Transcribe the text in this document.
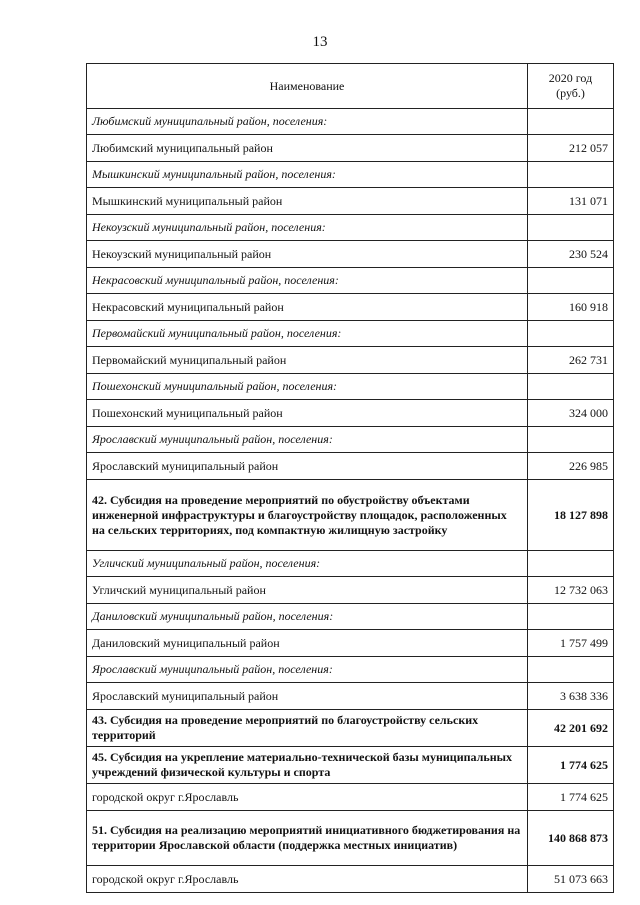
13
Наименование	2020 год
(руб.)
Любимский муниципальный район, поселения:	
Любимский муниципальный район	212 057
Мышкинский муниципальный район, поселения:	
Мышкинский муниципальный район	131 071
Некоузский муниципальный район, поселения:	
Некоузский муниципальный район	230 524
Некрасовский муниципальный район, поселения:	
Некрасовский муниципальный район	160 918
Первомайский муниципальный район, поселения:	
Первомайский муниципальный район	262 731
Пошехонский муниципальный район, поселения:	
Пошехонский муниципальный район	324 000
Ярославский муниципальный район, поселения:	
Ярославский муниципальный район	226 985
42. Субсидия на проведение мероприятий по обустройству объектами инженерной инфраструктуры и благоустройству площадок, расположенных на сельских территориях, под компактную жилищную застройку	18 127 898
Угличский муниципальный район, поселения:	
Угличский муниципальный район	12 732 063
Даниловский муниципальный район, поселения:	
Даниловский муниципальный район	1 757 499
Ярославский муниципальный район, поселения:	
Ярославский муниципальный район	3 638 336
43. Субсидия на проведение мероприятий по благоустройству сельских территорий	42 201 692
45. Субсидия на укрепление материально-технической базы муниципальных учреждений физической культуры и спорта	1 774 625
городской округ г.Ярославль	1 774 625
51. Субсидия на реализацию мероприятий инициативного бюджетирования на территории Ярославской области (поддержка местных инициатив)	140 868 873
городской округ г.Ярославль	51 073 663
